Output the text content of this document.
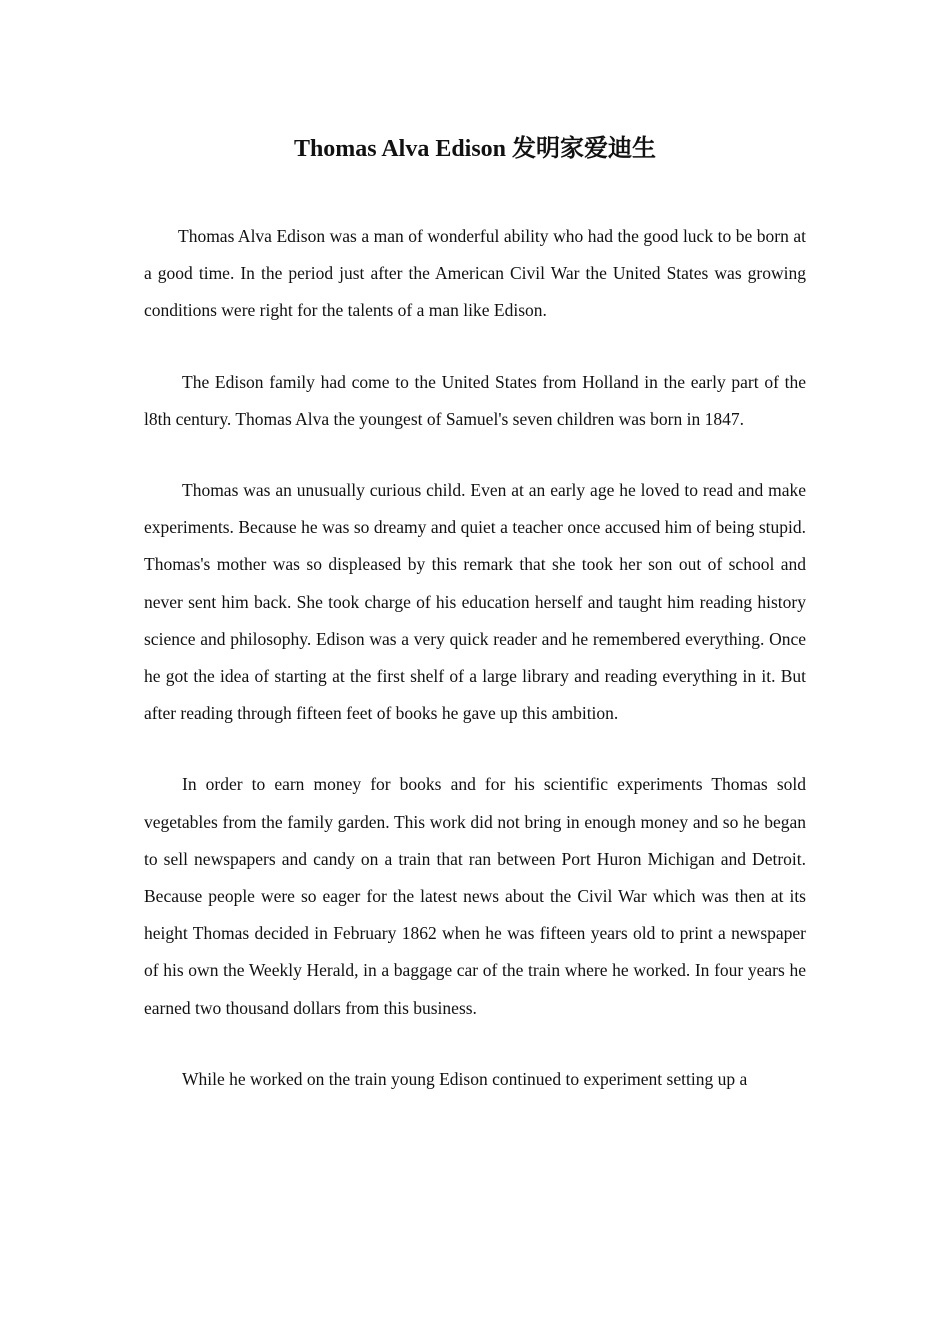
Thomas Alva Edison 发明家爱迪生

Thomas Alva Edison was a man of wonderful ability who had the good luck to be born at a good time. In the period just after the American Civil War the United States was growing conditions were right for the talents of a man like Edison.

The Edison family had come to the United States from Holland in the early part of the l8th century. Thomas Alva the youngest of Samuel's seven children was born in 1847.

Thomas was an unusually curious child. Even at an early age he loved to read and make experiments. Because he was so dreamy and quiet a teacher once accused him of being stupid. Thomas's mother was so displeased by this remark that she took her son out of school and never sent him back. She took charge of his education herself and taught him reading history science and philosophy. Edison was a very quick reader and he remembered everything. Once he got the idea of starting at the first shelf of a large library and reading everything in it. But after reading through fifteen feet of books he gave up this ambition.

In order to earn money for books and for his scientific experiments Thomas sold vegetables from the family garden. This work did not bring in enough money and so he began to sell newspapers and candy on a train that ran between Port Huron Michigan and Detroit. Because people were so eager for the latest news about the Civil War which was then at its height Thomas decided in February 1862 when he was fifteen years old to print a newspaper of his own the Weekly Herald, in a baggage car of the train where he worked. In four years he earned two thousand dollars from this business.

While he worked on the train young Edison continued to experiment setting up a
